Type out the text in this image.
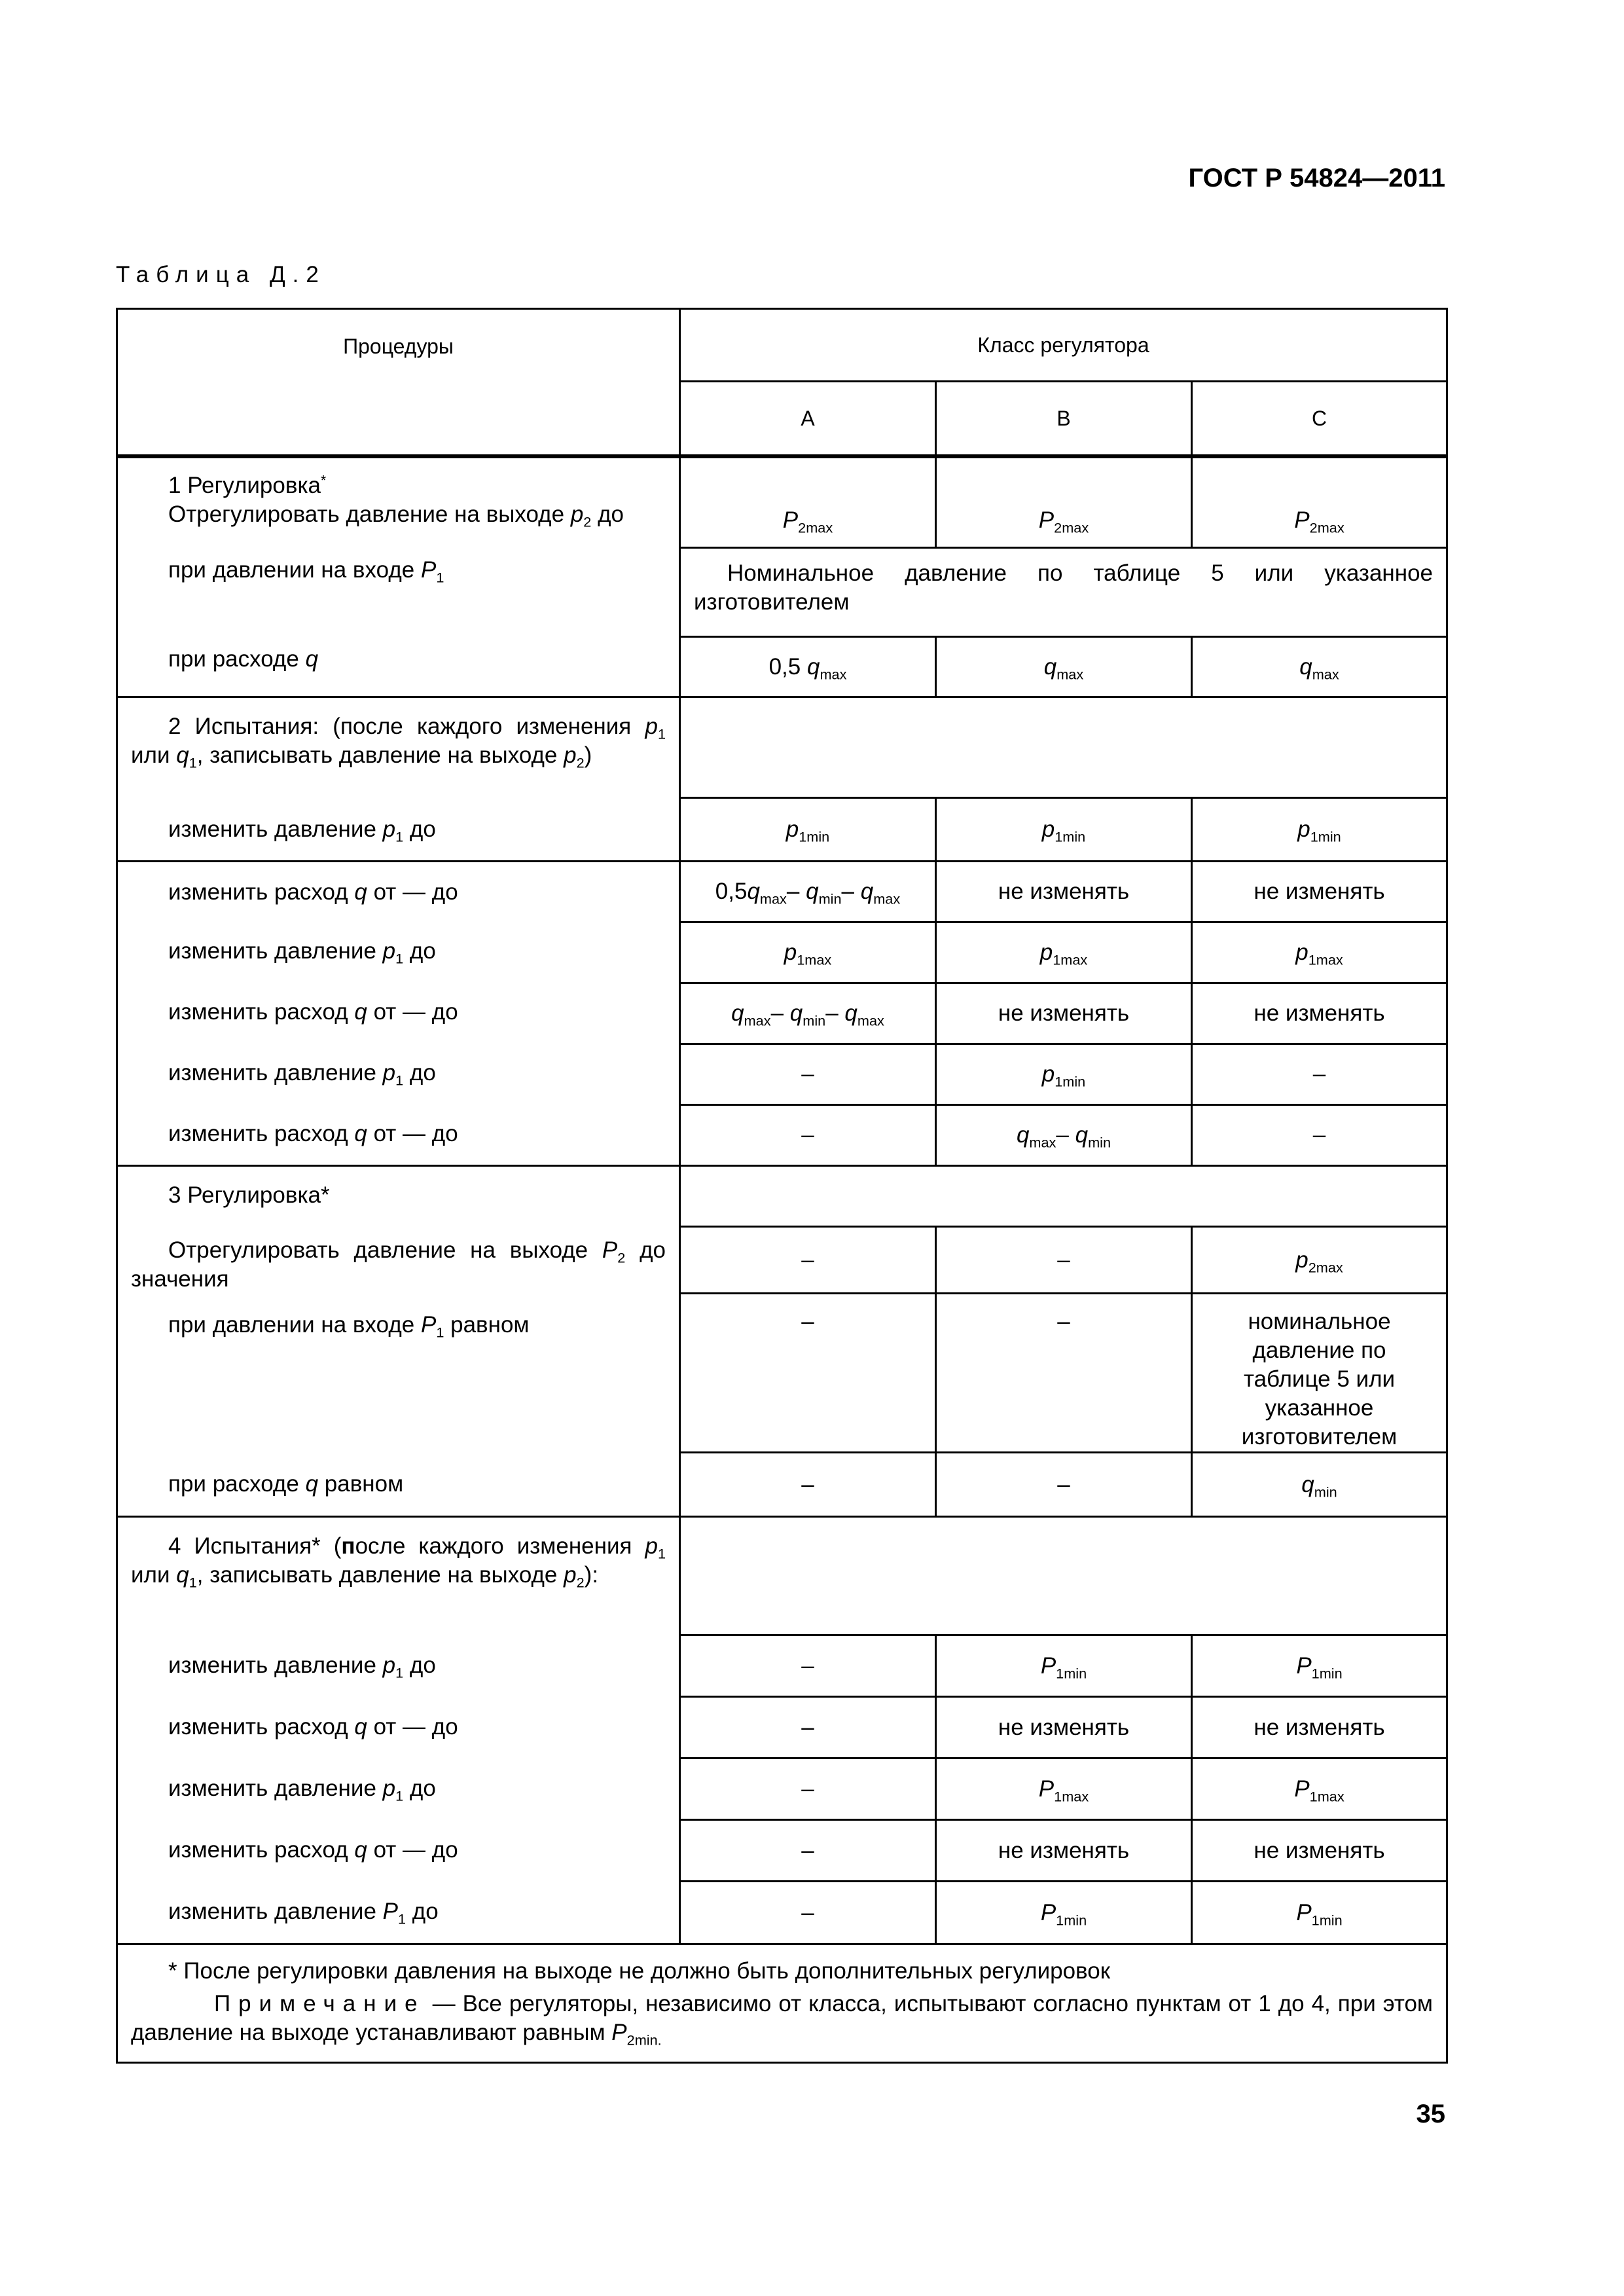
ГОСТ Р 54824—2011
Таблица Д.2
Процедуры	Класс регулятора		
	A	B	C
1 Регулировка*
Отрегулировать давление на выходе $p_2$ до	$P_{2max}$	$P_{2max}$	$P_{2max}$
при давлении на входе $P_1$	Номинальное давление по таблице 5 или указанное изготовителем		
при расходе q	0,5 $q_{max}$	$q_{max}$	$q_{max}$
2 Испытания: (после каждого изменения $p_1$ или $q_1$, записывать давление на выходе $p_2$)			
изменить давление $p_1$ до	$p_{1min}$	$p_{1min}$	$p_{1min}$
изменить расход q от — до	$0,5q_{max}-$ $q_{min}-$ $q_{max}$	не изменять	не изменять
изменить давление $p_1$ до	$p_{1max}$	$p_{1max}$	$p_{1max}$
изменить расход q от — до	$q_{max}-$ $q_{min}-$ $q_{max}$	не изменять	не изменять
изменить давление $p_1$ до	–	$p_{1min}$	–
изменить расход q от — до	–	$q_{max}-$ $q_{min}$	–
3 Регулировка*			
Отрегулировать давление на выходе $P_2$ до значения	–	–	$p_{2max}$
при давлении на входе $P_1$ равном	–	–	номинальное давление по таблице 5 или указанное изготовителем
при расходе q равном	–	–	$q_{min}$
4 Испытания* (после каждого изменения $p_1$ или $q_1$, записывать давление на выходе $p_2$):			
изменить давление $p_1$ до	–	$P_{1min}$	$P_{1min}$
изменить расход q от — до	–	не изменять	не изменять
изменить давление $p_1$ до	–	$P_{1max}$	$P_{1max}$
изменить расход q от — до	–	не изменять	не изменять
изменить давление $P_1$ до	–	$P_{1min}$	$P_{1min}$

* После регулировки давления на выходе не должно быть дополнительных регулировок
Примечание — Все регуляторы, независимо от класса, испытывают согласно пунктам от 1 до 4, при этом давление на выходе устанавливают равным $P_{2min.}$
35
